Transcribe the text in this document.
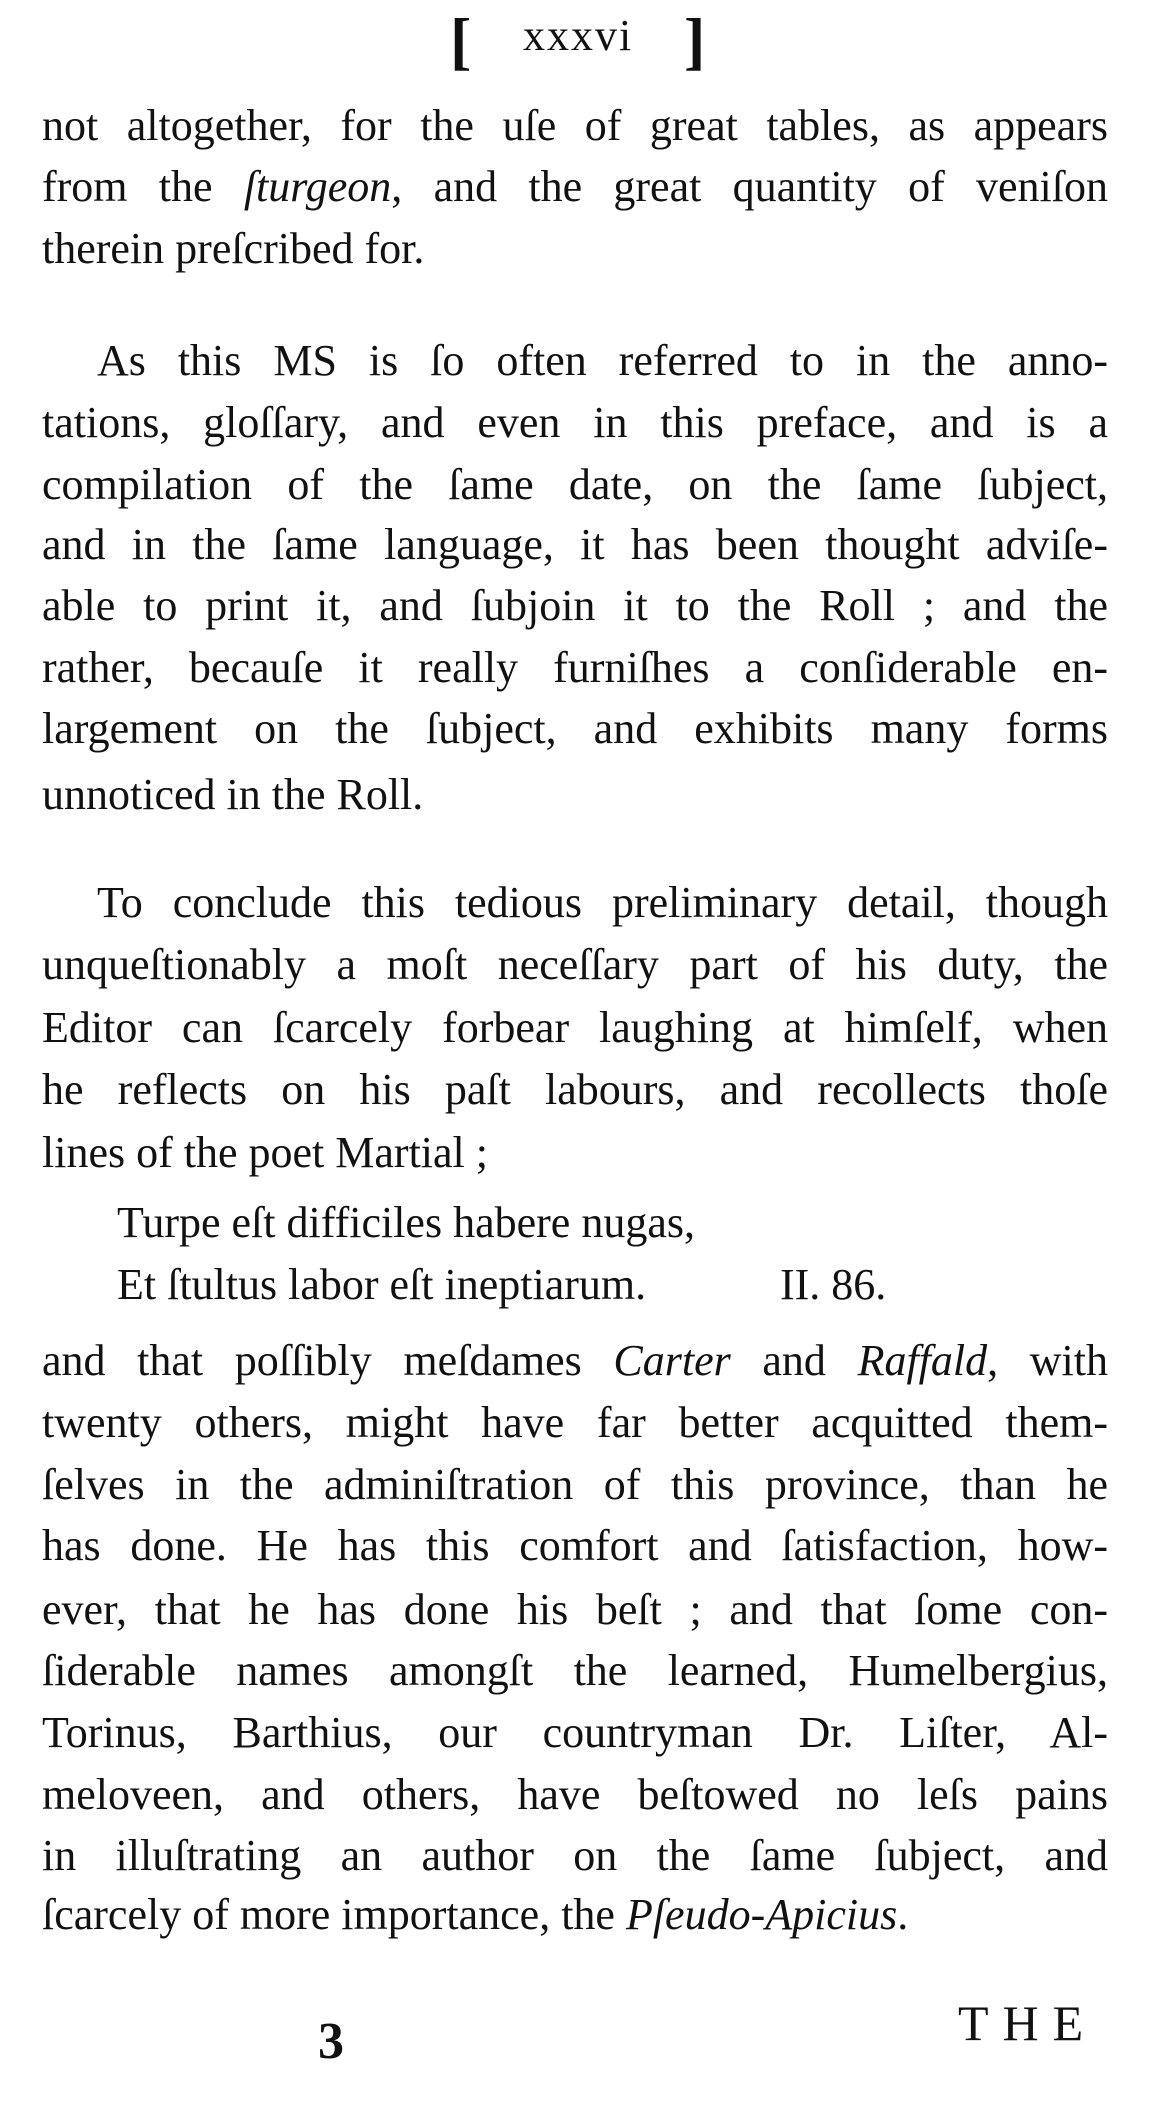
[ xxxvi ]
not altogether, for the uſe of great tables, as appears
from the ſturgeon, and the great quantity of veniſon
therein preſcribed for.
As this MS is ſo often referred to in the anno-
tations, gloſſary, and even in this preface, and is a
compilation of the ſame date, on the ſame ſubject,
and in the ſame language, it has been thought adviſe-
able to print it, and ſubjoin it to the Roll ; and the
rather, becauſe it really furniſhes a conſiderable en-
largement on the ſubject, and exhibits many forms
unnoticed in the Roll.
To conclude this tedious preliminary detail, though
unqueſtionably a moſt neceſſary part of his duty, the
Editor can ſcarcely forbear laughing at himſelf, when
he reflects on his paſt labours, and recollects thoſe
lines of the poet Martial ;
Turpe eſt difficiles habere nugas,
Et ſtultus labor eſt ineptiarum.	II. 86.
and that poſſibly meſdames Carter and Raffald, with
twenty others, might have far better acquitted them-
ſelves in the adminiſtration of this province, than he
has done. He has this comfort and ſatisfaction, how-
ever, that he has done his beſt ; and that ſome con-
ſiderable names amongſt the learned, Humelbergius,
Torinus, Barthius, our countryman Dr. Liſter, Al-
meloveen, and others, have beſtowed no leſs pains
in illuſtrating an author on the ſame ſubject, and
ſcarcely of more importance, the Pſeudo-Apicius.
3	THE
